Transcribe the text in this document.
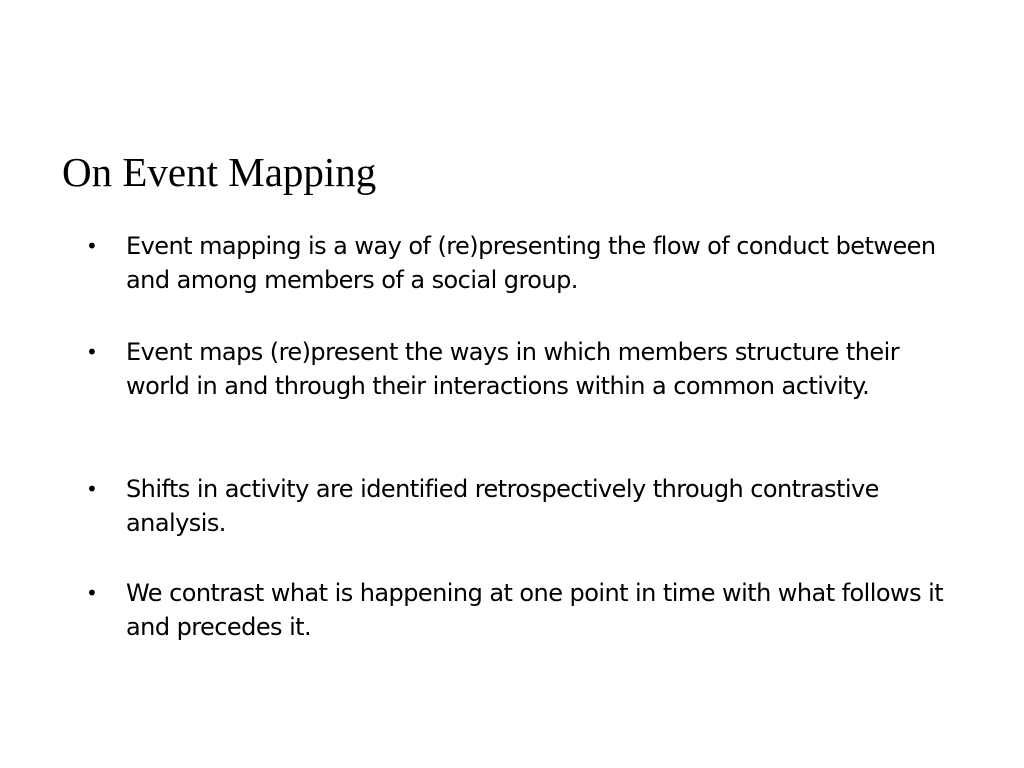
On Event Mapping
• Event mapping is a way of (re)presenting the flow of conduct between and among members of a social group.
• Event maps (re)present the ways in which members structure their world in and through their interactions within a common activity.
• Shifts in activity are identified retrospectively through contrastive analysis.
• We contrast what is happening at one point in time with what follows it and precedes it.
